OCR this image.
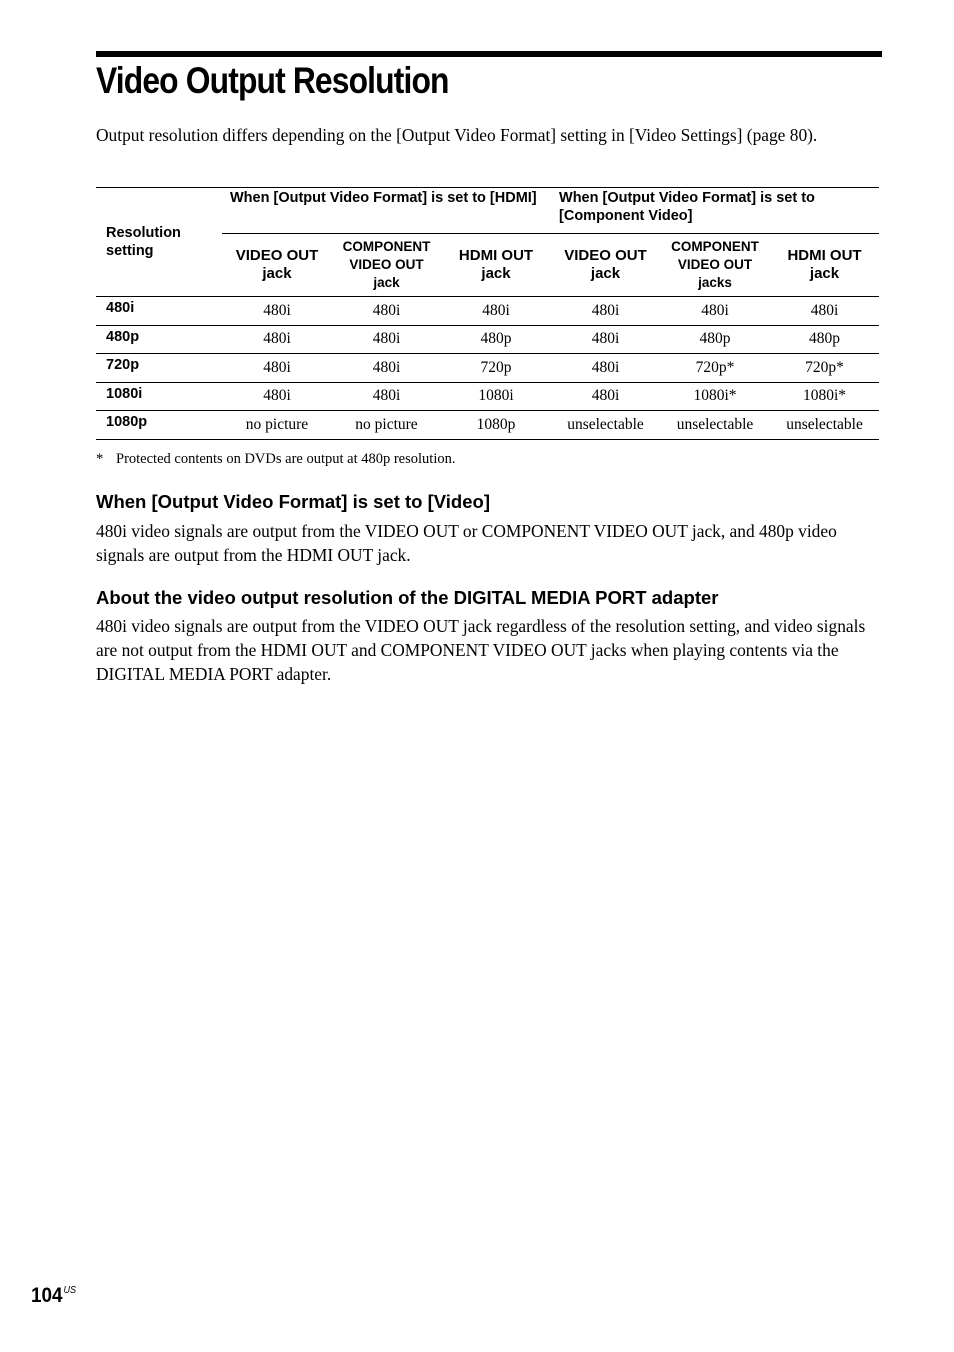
Video Output Resolution

Output resolution differs depending on the [Output Video Format] setting in [Video Settings] (page 80).

Resolution setting	When [Output Video Format] is set to [HDMI]			When [Output Video Format] is set to [Component Video]		
	VIDEO OUT jack	COMPONENT VIDEO OUT jack	HDMI OUT jack	VIDEO OUT jack	COMPONENT VIDEO OUT jacks	HDMI OUT jack
480i	480i	480i	480i	480i	480i	480i
480p	480i	480i	480p	480i	480p	480p
720p	480i	480i	720p	480i	720p*	720p*
1080i	480i	480i	1080i	480i	1080i*	1080i*
1080p	no picture	no picture	1080p	unselectable	unselectable	unselectable

* Protected contents on DVDs are output at 480p resolution.

When [Output Video Format] is set to [Video]

480i video signals are output from the VIDEO OUT or COMPONENT VIDEO OUT jack, and 480p video signals are output from the HDMI OUT jack.

About the video output resolution of the DIGITAL MEDIA PORT adapter

480i video signals are output from the VIDEO OUT jack regardless of the resolution setting, and video signals are not output from the HDMI OUT and COMPONENT VIDEO OUT jacks when playing contents via the DIGITAL MEDIA PORT adapter.

$104^{US}$
